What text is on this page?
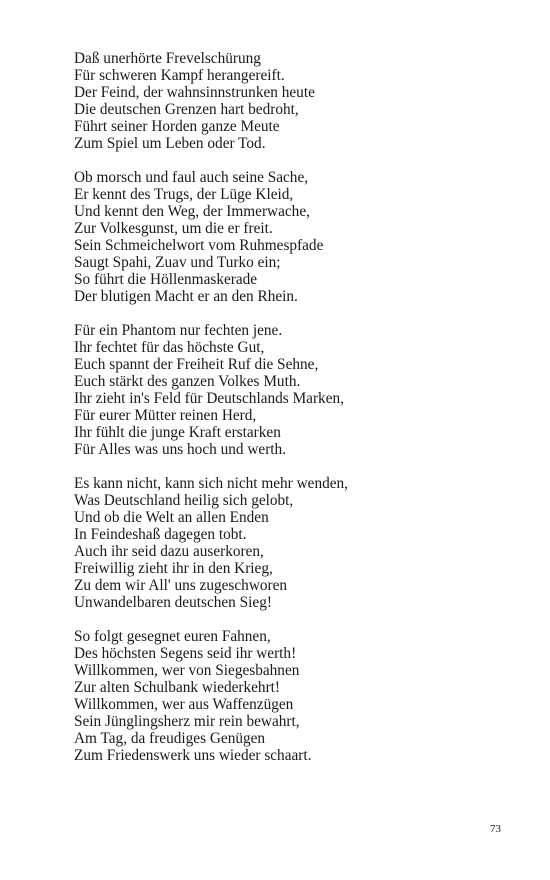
Daß unerhörte Frevelschürung
Für schweren Kampf herangereift.
Der Feind, der wahnsinnstrunken heute
Die deutschen Grenzen hart bedroht,
Führt seiner Horden ganze Meute
Zum Spiel um Leben oder Tod.
Ob morsch und faul auch seine Sache,
Er kennt des Trugs, der Lüge Kleid,
Und kennt den Weg, der Immerwache,
Zur Volkesgunst, um die er freit.
Sein Schmeichelwort vom Ruhmespfade
Saugt Spahi, Zuav und Turko ein;
So führt die Höllenmaskerade
Der blutigen Macht er an den Rhein.
Für ein Phantom nur fechten jene.
Ihr fechtet für das höchste Gut,
Euch spannt der Freiheit Ruf die Sehne,
Euch stärkt des ganzen Volkes Muth.
Ihr zieht in's Feld für Deutschlands Marken,
Für eurer Mütter reinen Herd,
Ihr fühlt die junge Kraft erstarken
Für Alles was uns hoch und werth.
Es kann nicht, kann sich nicht mehr wenden,
Was Deutschland heilig sich gelobt,
Und ob die Welt an allen Enden
In Feindeshaß dagegen tobt.
Auch ihr seid dazu auserkoren,
Freiwillig zieht ihr in den Krieg,
Zu dem wir All' uns zugeschworen
Unwandelbaren deutschen Sieg!
So folgt gesegnet euren Fahnen,
Des höchsten Segens seid ihr werth!
Willkommen, wer von Siegesbahnen
Zur alten Schulbank wiederkehrt!
Willkommen, wer aus Waffenzügen
Sein Jünglingsherz mir rein bewahrt,
Am Tag, da freudiges Genügen
Zum Friedenswerk uns wieder schaart.
73
